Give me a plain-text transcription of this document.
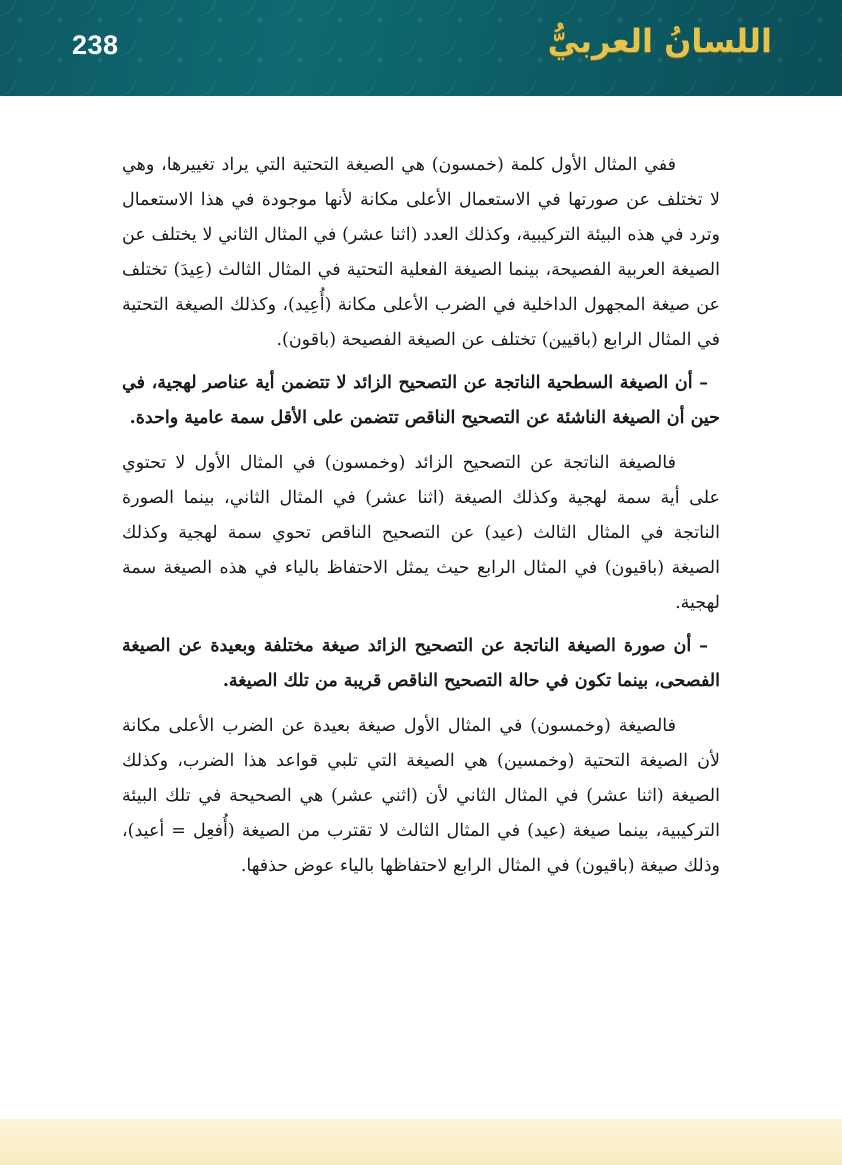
238	اللسانُ العربيُّ

ففي المثال الأول كلمة (خمسون) هي الصيغة التحتية التي يراد تغييرها، وهي لا تختلف عن صورتها في الاستعمال الأعلى مكانة لأنها موجودة في هذا الاستعمال وترد في هذه البيئة التركيبية، وكذلك العدد (اثنا عشر) في المثال الثاني لا يختلف عن الصيغة العربية الفصيحة، بينما الصيغة الفعلية التحتية في المثال الثالث (عِيدَ) تختلف عن صيغة المجهول الداخلية في الضرب الأعلى مكانة (أُعِيد)، وكذلك الصيغة التحتية في المثال الرابع (باقيين) تختلف عن الصيغة الفصيحة (باقون).

– أن الصيغة السطحية الناتجة عن التصحيح الزائد لا تتضمن أية عناصر لهجية، في حين أن الصيغة الناشئة عن التصحيح الناقص تتضمن على الأقل سمة عامية واحدة.

فالصيغة الناتجة عن التصحيح الزائد (وخمسون) في المثال الأول لا تحتوي على أية سمة لهجية وكذلك الصيغة (اثنا عشر) في المثال الثاني، بينما الصورة الناتجة في المثال الثالث (عيد) عن التصحيح الناقص تحوي سمة لهجية وكذلك الصيغة (باقيون) في المثال الرابع حيث يمثل الاحتفاظ بالياء في هذه الصيغة سمة لهجية.

– أن صورة الصيغة الناتجة عن التصحيح الزائد صيغة مختلفة وبعيدة عن الصيغة الفصحى، بينما تكون في حالة التصحيح الناقص قريبة من تلك الصيغة.

فالصيغة (وخمسون) في المثال الأول صيغة بعيدة عن الضرب الأعلى مكانة لأن الصيغة التحتية (وخمسين) هي الصيغة التي تلبي قواعد هذا الضرب، وكذلك الصيغة (اثنا عشر) في المثال الثاني لأن (اثني عشر) هي الصحيحة في تلك البيئة التركيبية، بينما صيغة (عيد) في المثال الثالث لا تقترب من الصيغة (أُفعِل = أعيد)، وذلك صيغة (باقيون) في المثال الرابع لاحتفاظها بالياء عوض حذفها.
